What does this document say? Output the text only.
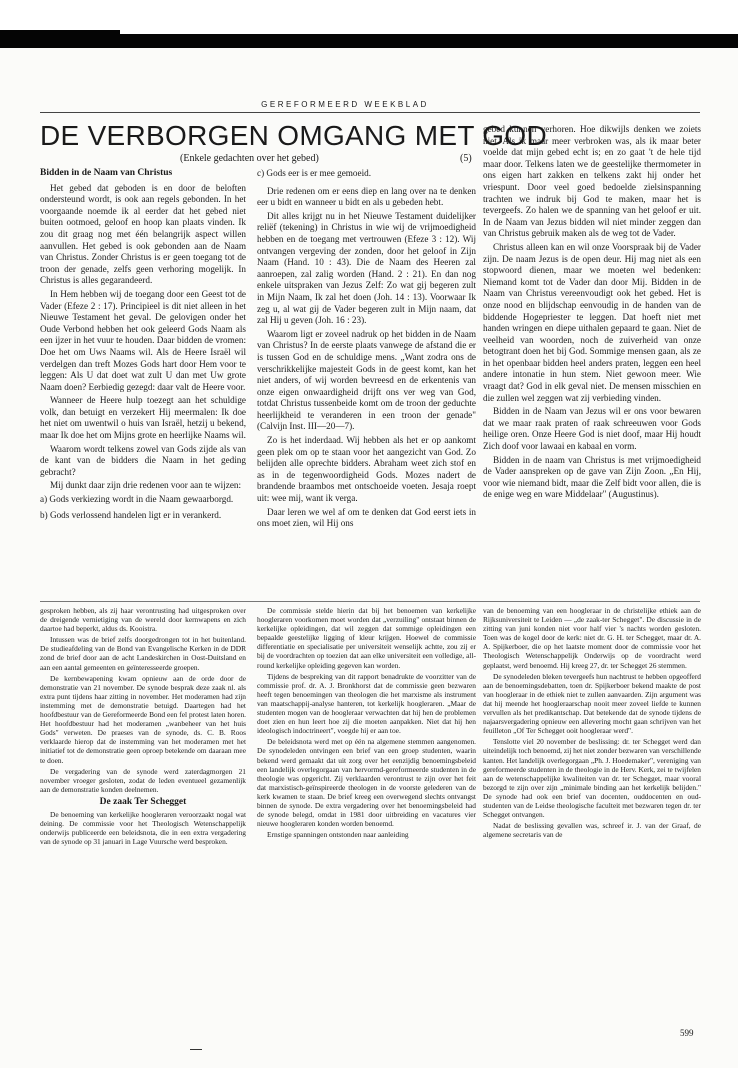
GEREFORMEERD WEEKBLAD
DE VERBORGEN OMGANG MET GOD
(Enkele gedachten over het gebed)	(5)
Bidden in de Naam van Christus

Het gebed dat geboden is en door de beloften ondersteund wordt, is ook aan regels gebonden. In het voorgaande noemde ik al eerder dat het gebed niet buiten ootmoed, geloof en hoop kan plaats vinden. Ik zou dit graag nog met één belangrijk aspect willen aanvullen. Het gebed is ook gebonden aan de Naam van Christus. Zonder Christus is er geen toegang tot de troon der genade, zelfs geen verhoring mogelijk. In Christus is alles gegarandeerd.

In Hem hebben wij de toegang door een Geest tot de Vader (Efeze 2 : 17). Principieel is dit niet alleen in het Nieuwe Testament het geval. De gelovigen onder het Oude Verbond hebben het ook geleerd Gods Naam als een ijzer in het vuur te houden. Daar bidden de vromen: Doe het om Uws Naams wil. Als de Heere Israël wil verdelgen dan treft Mozes Gods hart door Hem voor te leggen: Als U dat doet wat zult U dan met Uw grote Naam doen? Eerbiedig gezegd: daar valt de Heere voor.

Wanneer de Heere hulp toezegt aan het schuldige volk, dan betuigt en verzekert Hij meermalen: Ik doe het niet om uwentwil o huis van Israël, hetzij u bekend, maar Ik doe het om Mijns grote en heerlijke Naams wil.

Waarom wordt telkens zowel van Gods zijde als van de kant van de bidders die Naam in het geding gebracht?

Mij dunkt daar zijn drie redenen voor aan te wijzen:

a) Gods verkiezing wordt in die Naam gewaarborgd.
b) Gods verlossend handelen ligt er in verankerd.

c) Gods eer is er mee gemoeid.

Drie redenen om er eens diep en lang over na te denken eer u bidt en wanneer u bidt en als u gebeden hebt.

Dit alles krijgt nu in het Nieuwe Testament duidelijker reliëf (tekening) in Christus in wie wij de vrijmoedigheid hebben en de toegang met vertrouwen (Efeze 3 : 12). Wij ontvangen vergeving der zonden, door het geloof in Zijn Naam (Hand. 10 : 43). Die de Naam des Heeren zal aanroepen, zal zalig worden (Hand. 2 : 21). En dan nog enkele uitspraken van Jezus Zelf: Zo wat gij begeren zult in Mijn Naam, Ik zal het doen (Joh. 14 : 13). Voorwaar Ik zeg u, al wat gij de Vader begeren zult in Mijn naam, dat zal Hij u geven (Joh. 16 : 23).

Waarom ligt er zoveel nadruk op het bidden in de Naam van Christus? In de eerste plaats vanwege de afstand die er is tussen God en de schuldige mens. „Want zodra ons de verschrikkelijke majesteit Gods in de geest komt, kan het niet anders, of wij worden bevreesd en de erkentenis van onze eigen onwaardigheid drijft ons ver weg van God, totdat Christus tussenbeide komt om de troon der geduchte heerlijkheid te veranderen in een troon der genade" (Calvijn Inst. III—20—7).

Zo is het inderdaad. Wij hebben als het er op aankomt geen plek om op te staan voor het aangezicht van God. Zo belijden alle oprechte bidders. Abraham weet zich stof en as in de tegenwoordigheid Gods. Mozes nadert de brandende braambos met ontschoeide voeten. Jesaja roept uit: wee mij, want ik verga.

Daar leren we wel af om te denken dat God eerst iets in ons moet zien, wil Hij ons

gebed kunnen verhoren. Hoe dikwijls denken we zoiets niet. Als ik maar meer verbroken was, als ik maar beter voelde dat mijn gebed echt is; en zo gaat 't de hele tijd maar door. Telkens laten we de geestelijke thermometer in ons eigen hart zakken en telkens zakt hij onder het vriespunt. Door veel goed bedoelde zielsinspanning trachten we indruk bij God te maken, maar het is tevergeefs. Zo halen we de spanning van het geloof er uit. In de Naam van Jezus bidden wil niet minder zeggen dan van Christus gebruik maken als de weg tot de Vader.

Christus alleen kan en wil onze Voorspraak bij de Vader zijn. De naam Jezus is de open deur. Hij mag niet als een stopwoord dienen, maar we moeten wel bedenken: Niemand komt tot de Vader dan door Mij. Bidden in de Naam van Christus vereenvoudigt ook het gebed. Het is onze nood en blijdschap eenvoudig in de handen van de biddende Hogepriester te leggen. Dat hoeft niet met handen wringen en diepe uithalen gepaard te gaan. Niet de veelheid van woorden, noch de zuiverheid van onze betogtrant doen het bij God. Sommige mensen gaan, als ze in het openbaar bidden heel anders praten, leggen een heel andere intonatie in hun stem. Niet gewoon meer. Wie vraagt dat? God in elk geval niet. De mensen misschien en die zullen wel zeggen wat zij verbieding vinden.

Bidden in de Naam van Jezus wil er ons voor bewaren dat we maar raak praten of raak schreeuwen voor Gods heilige oren. Onze Heere God is niet doof, maar Hij houdt Zich doof voor lawaai en kabaal en vorm.

Bidden in de naam van Christus is met vrijmoedigheid de Vader aanspreken op de gave van Zijn Zoon. „En Hij, voor wie niemand bidt, maar die Zelf bidt voor allen, die is de enige weg en ware Middelaar" (Augustinus).

gesproken hebben, als zij haar verontrusting had uitgesproken over de dreigende vernietiging van de wereld door kernwapens en zich daartoe had beperkt, aldus ds. Kooistra.

Intussen was de brief zelfs doorgedrongen tot in het buitenland. De studieafdeling van de Bond van Evangelische Kerken in de DDR zond de brief door aan de acht Landeskirchen in Oost-Duitsland en aan een aantal gemeenten en geïnteresseerde groepen.

De kernbewapening kwam opnieuw aan de orde door de demonstratie van 21 november. De synode besprak deze zaak nl. als extra punt tijdens haar zitting in november. Het moderamen had zijn instemming met de demonstratie betuigd. Daartegen had het hoofdbestuur van de Gereformeerde Bond een fel protest laten horen. Het hoofdbestuur had het moderamen „wanbeheer van het huis Gods" verweten. De praeses van de synode, ds. C. B. Roos verklaarde hierop dat de instemming van het moderamen met het initiatief tot de demonstratie geen oproep betekende om daaraan mee te doen.

De vergadering van de synode werd zaterdagmorgen 21 november vroeger gesloten, zodat de leden eventueel gezamenlijk aan de demonstratie konden deelnemen.

De zaak Ter Schegget

De benoeming van kerkelijke hoogleraren veroorzaakt nogal wat deining. De commissie voor het Theologisch Wetenschappelijk onderwijs publiceerde een beleidsnota, die in een extra vergadering van de synode op 31 januari in Lage Vuursche werd besproken.

De commissie stelde hierin dat bij het benoemen van kerkelijke hoogleraren voorkomen moet worden dat „verzuiling" ontstaat binnen de kerkelijke opleidingen, dat wil zeggen dat sommige opleidingen een bepaalde geestelijke ligging of kleur krijgen. Hoewel de commissie differentiatie en specialisatie per universiteit wenselijk achtte, zou zij er bij de voordrachten op toezien dat aan elke universiteit een volledige, all-round kerkelijke opleiding gegeven kan worden.

Tijdens de bespreking van dit rapport benadrukte de voorzitter van de commissie prof. dr. A. J. Bronkhorst dat de commissie geen bezwaren heeft tegen benoemingen van theologen die het marxisme als instrument van maatschappij-analyse hanteren, tot kerkelijk hoogleraren. „Maar de studenten mogen van de hoogleraar verwachten dat hij hen de problemen doet zien en hun leert hoe zij die moeten aanpakken. Niet dat hij hen ideologisch indoctrineert", voegde hij er aan toe.

De beleidsnota werd met op één na algemene stemmen aangenomen. De synodeleden ontvingen een brief van een groep studenten, waarin bekend werd gemaakt dat uit zorg over het eenzijdig benoemingsbeleid een landelijk overlegorgaan van hervormd-gereformeerde studenten in de theologie was opgericht. Zij verklaarden verontrust te zijn over het feit dat marxistisch-geïnspireerde theologen in de voorste gelederen van de kerk kwamen te staan. De brief kreeg een overwegend slechts ontvangst binnen de synode. De extra vergadering over het benoemingsbeleid had de synode belegd, omdat in 1981 door uitbreiding en vacatures vier nieuwe hoogleraren konden worden benoemd.

Ernstige spanningen ontstonden naar aanleiding

van de benoeming van een hoogleraar in de christelijke ethiek aan de Rijksuniversiteit te Leiden — „de zaak-ter Schegget". De discussie in de zitting van juni konden niet voor half vier 's nachts worden gesloten. Toen was de kogel door de kerk: niet dr. G. H. ter Schegget, maar dr. A. A. Spijkerboer, die op het laatste moment door de commissie voor het Theologisch Wetenschappelijk Onderwijs op de voordracht werd geplaatst, werd benoemd. Hij kreeg 27, dr. ter Schegget 26 stemmen.

De synodeleden bleken tevergeefs hun nachtrust te hebben opgeofferd aan de benoemingsdebatten, toen dr. Spijkerboer bekend maakte de post van hoogleraar in de ethiek niet te zullen aanvaarden. Zijn argument was dat hij meende het hoogleraarschap nooit meer zoveel liefde te kunnen vervullen als het predikantschap. Dat betekende dat de synode tijdens de najaarsvergadering opnieuw een allevering mocht gaan schrijven van het feuilleton „Of Ter Schegget ooit hoogleraar werd".

Tenslotte viel 20 november de beslissing: dr. ter Schegget werd dan uiteindelijk toch benoemd, zij het niet zonder bezwaren van verschillende kanten. Het landelijk overlegorgaan „Ph. J. Hoedemaker", vereniging van gereformeerde studenten in de theologie in de Herv. Kerk, zei te twijfelen aan de wetenschappelijke kwaliteiten van dr. ter Schegget, maar vooral bezorgd te zijn over zijn „minimale binding aan het kerkelijk belijden." De synode had ook een brief van docenten, ouddocenten en oud-studenten van de Leidse theologische faculteit met bezwaren tegen dr. ter Schegget ontvangen.

Nadat de beslissing gevallen was, schreef ir. J. van der Graaf, de algemene secretaris van de

599
